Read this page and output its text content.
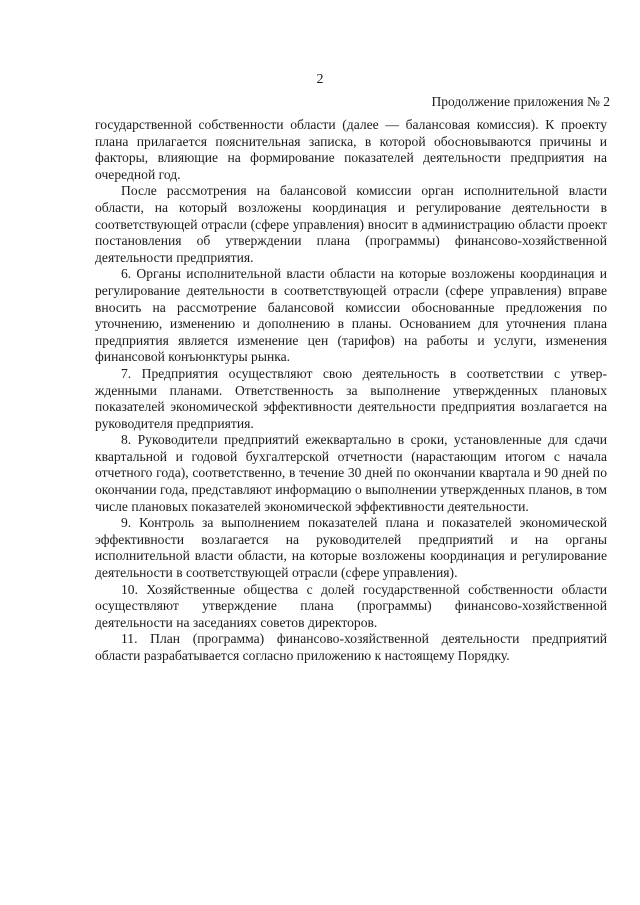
2
Продолжение приложения № 2

государственной собственности области (далее — балансовая комиссия). К проекту плана прилагается пояснительная записка, в которой обосновываются причины и факторы, влияющие на формирование показателей деятельности предприятия на очередной год.

После рассмотрения на балансовой комиссии орган исполнительной власти области, на который возложены координация и регулирование деятельности в соответствующей отрасли (сфере управления) вносит в администрацию области проект постановления об утверждении плана (программы) финансово-хозяйственной деятельности предприятия.

6. Органы исполнительной власти области на которые возложены координация и регулирование деятельности в соответствующей отрасли (сфере управления) вправе вносить на рассмотрение балансовой комиссии обоснованные предложения по уточнению, изменению и дополнению в планы. Основанием для уточнения плана предприятия является изменение цен (тарифов) на работы и услуги, изменения финансовой конъюнктуры рынка.

7. Предприятия осуществляют свою деятельность в соответствии с утвержденными планами. Ответственность за выполнение утвержденных плановых показателей экономической эффективности деятельности предприятия возлагается на руководителя предприятия.

8. Руководители предприятий ежеквартально в сроки, установленные для сдачи квартальной и годовой бухгалтерской отчетности (нарастающим итогом с начала отчетного года), соответственно, в течение 30 дней по окончании квартала и 90 дней по окончании года, представляют информацию о выполнении утвержденных планов, в том числе плановых показателей экономической эффективности деятельности.

9. Контроль за выполнением показателей плана и показателей экономической эффективности возлагается на руководителей предприятий и на органы исполнительной власти области, на которые возложены координация и регулирование деятельности в соответствующей отрасли (сфере управления).

10. Хозяйственные общества с долей государственной собственности области осуществляют утверждение плана (программы) финансово-хозяйственной деятельности на заседаниях советов директоров.

11. План (программа) финансово-хозяйственной деятельности предприятий области разрабатывается согласно приложению к настоящему Порядку.
